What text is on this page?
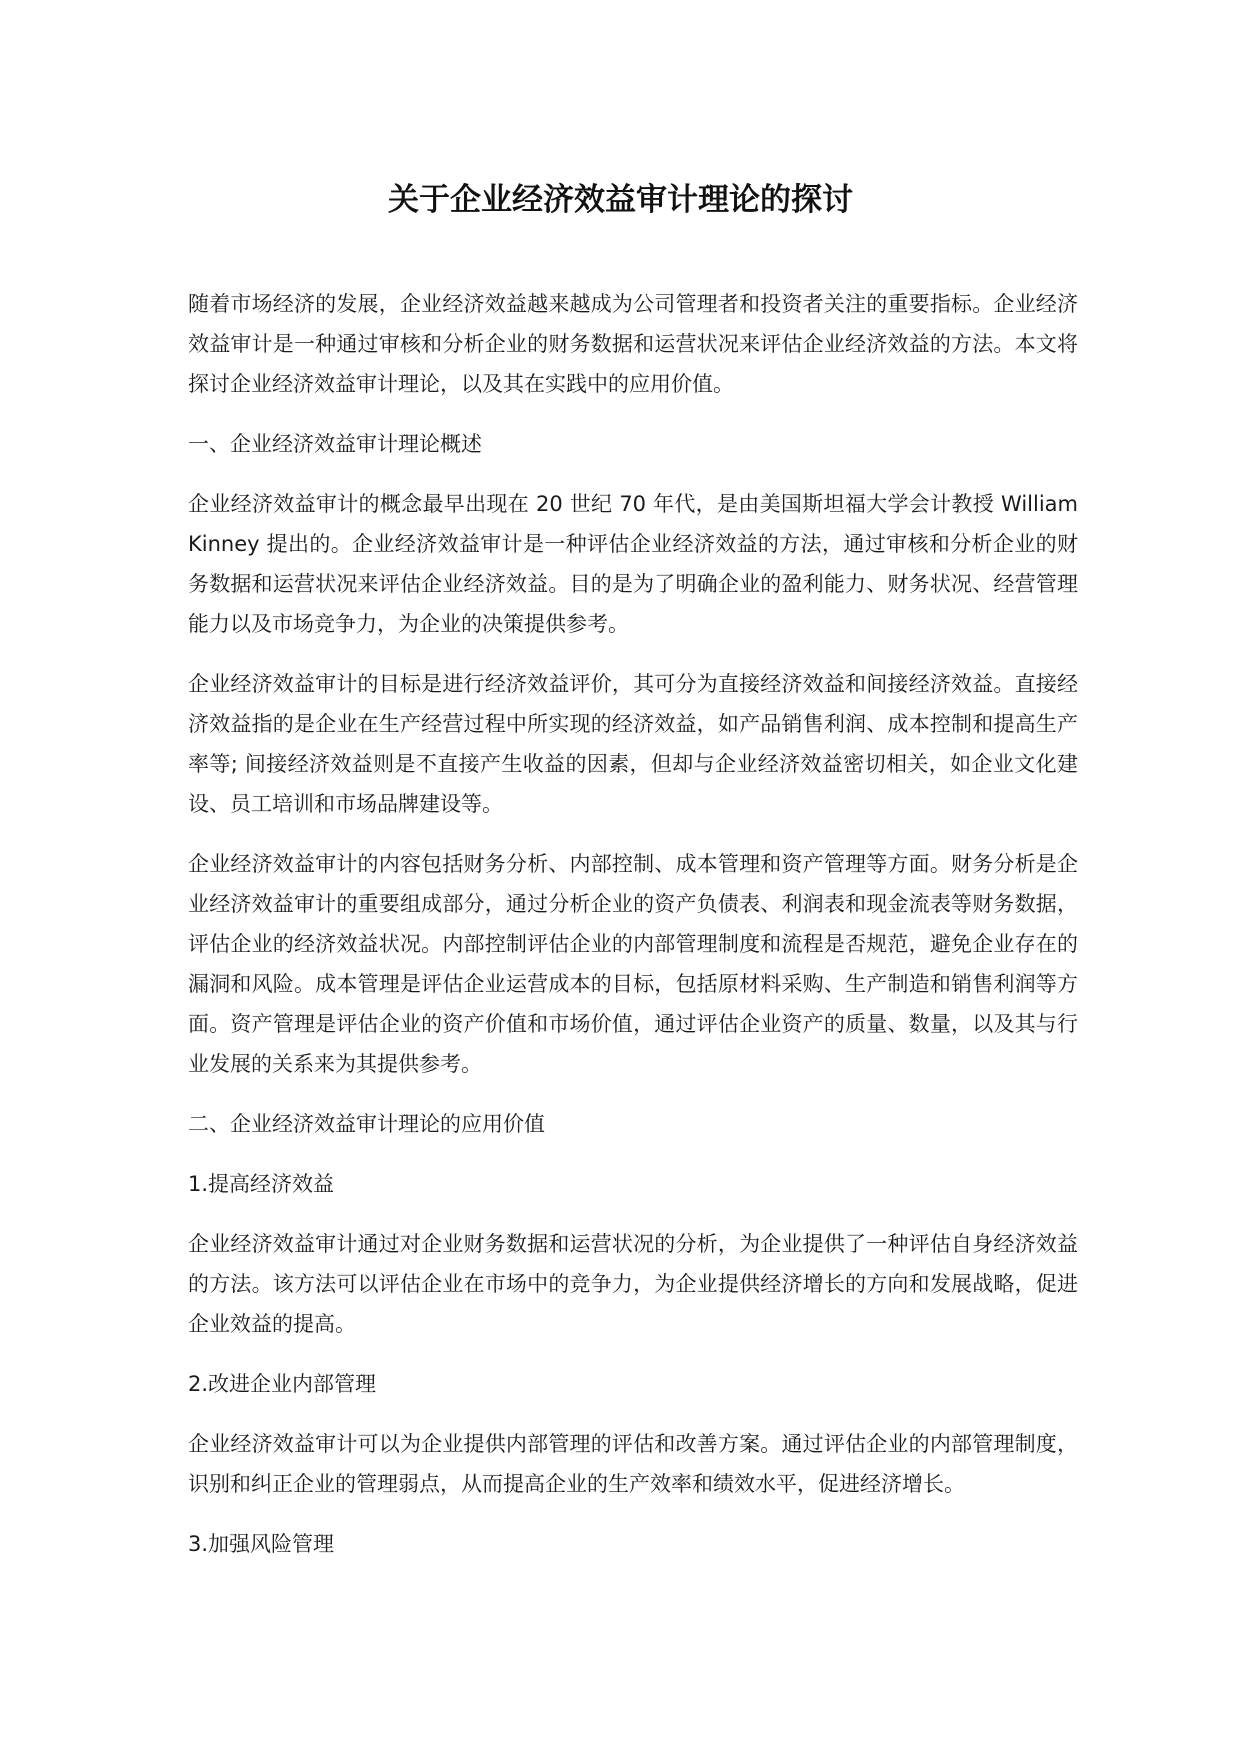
关于企业经济效益审计理论的探讨

随着市场经济的发展，企业经济效益越来越成为公司管理者和投资者关注的重要指标。企业经济效益审计是一种通过审核和分析企业的财务数据和运营状况来评估企业经济效益的方法。本文将探讨企业经济效益审计理论，以及其在实践中的应用价值。

一、企业经济效益审计理论概述

企业经济效益审计的概念最早出现在 20 世纪 70 年代，是由美国斯坦福大学会计教授 William Kinney 提出的。企业经济效益审计是一种评估企业经济效益的方法，通过审核和分析企业的财务数据和运营状况来评估企业经济效益。目的是为了明确企业的盈利能力、财务状况、经营管理能力以及市场竞争力，为企业的决策提供参考。

企业经济效益审计的目标是进行经济效益评价，其可分为直接经济效益和间接经济效益。直接经济效益指的是企业在生产经营过程中所实现的经济效益，如产品销售利润、成本控制和提高生产率等; 间接经济效益则是不直接产生收益的因素，但却与企业经济效益密切相关，如企业文化建设、员工培训和市场品牌建设等。

企业经济效益审计的内容包括财务分析、内部控制、成本管理和资产管理等方面。财务分析是企业经济效益审计的重要组成部分，通过分析企业的资产负债表、利润表和现金流表等财务数据，评估企业的经济效益状况。内部控制评估企业的内部管理制度和流程是否规范，避免企业存在的漏洞和风险。成本管理是评估企业运营成本的目标，包括原材料采购、生产制造和销售利润等方面。资产管理是评估企业的资产价值和市场价值，通过评估企业资产的质量、数量，以及其与行业发展的关系来为其提供参考。

二、企业经济效益审计理论的应用价值

1.提高经济效益

企业经济效益审计通过对企业财务数据和运营状况的分析，为企业提供了一种评估自身经济效益的方法。该方法可以评估企业在市场中的竞争力，为企业提供经济增长的方向和发展战略，促进企业效益的提高。

2.改进企业内部管理

企业经济效益审计可以为企业提供内部管理的评估和改善方案。通过评估企业的内部管理制度，识别和纠正企业的管理弱点，从而提高企业的生产效率和绩效水平，促进经济增长。

3.加强风险管理
